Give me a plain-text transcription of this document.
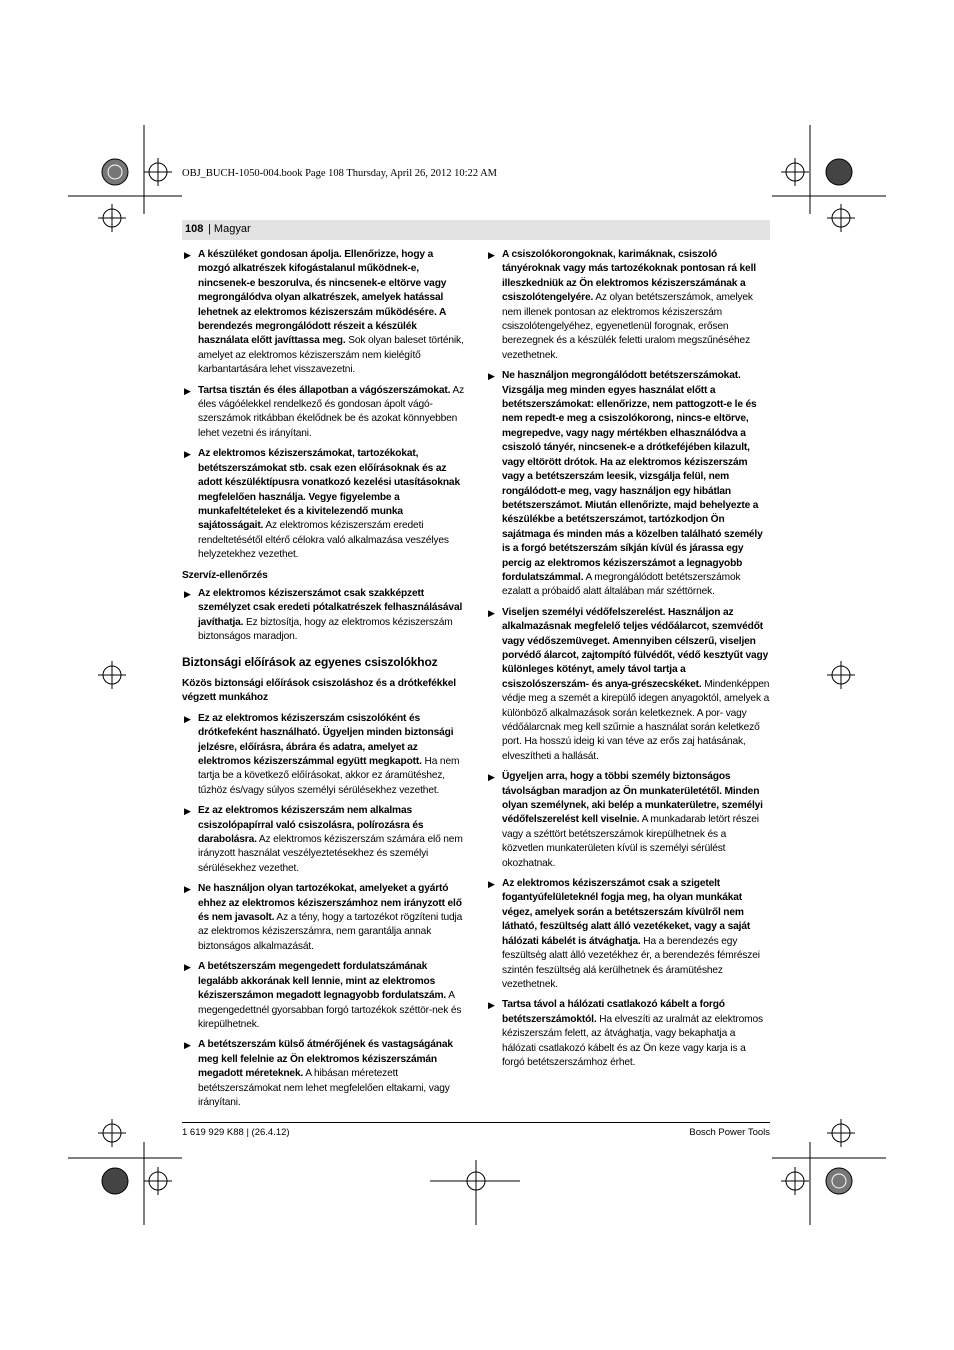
OBJ_BUCH-1050-004.book Page 108 Thursday, April 26, 2012 10:22 AM
108 | Magyar
▶ A készüléket gondosan ápolja. Ellenőrizze, hogy a mozgó alkatrészek kifogástalanul működnek-e, nincsenek-e beszorulva, és nincsenek-e eltörve vagy megrongálódva olyan alkatrészek, amelyek hatással lehetnek az elektromos kéziszerszám működésére. A berendezés megrongálódott részeit a készülék használata előtt javíttassa meg. Sok olyan baleset történik, amelyet az elektromos kéziszerszám nem kielégítő karbantartására lehet visszavezetni.
▶ Tartsa tisztán és éles állapotban a vágószerszámokat. Az éles vágóélekkel rendelkező és gondosan ápolt vágó-szerszámok ritkábban ékelődnek be és azokat könnyebben lehet vezetni és irányítani.
▶ Az elektromos kéziszerszámokat, tartozékokat, betétszerszámokat stb. csak ezen előírásoknak és az adott készüléktípusra vonatkozó kezelési utasításoknak megfelelően használja. Vegye figyelembe a munkafeltételeket és a kivitelezendő munka sajátosságait. Az elektromos kéziszerszám eredeti rendeltetésétől eltérő célokra való alkalmazása veszélyes helyzetekhez vezethet.
Szervíz-ellenőrzés
▶ Az elektromos kéziszerszámot csak szakképzett személyzet csak eredeti pótalkatrészek felhasználásával javíthatja. Ez biztosítja, hogy az elektromos kéziszerszám biztonságos maradjon.
Biztonsági előírások az egyenes csiszolókhoz
Közös biztonsági előírások csiszoláshoz és a drótkefékkel végzett munkához
▶ Ez az elektromos kéziszerszám csiszolóként és drótkefeként használható. Ügyeljen minden biztonsági jelzésre, előírásra, ábrára és adatra, amelyet az elektromos kéziszerszámmal együtt megkapott. Ha nem tartja be a következő előírásokat, akkor ez áramütéshez, tűzhöz és/vagy súlyos személyi sérülésekhez vezethet.
▶ Ez az elektromos kéziszerszám nem alkalmas csiszolópapírral való csiszolásra, polírozásra és darabolásra. Az elektromos kéziszerszám számára elő nem irányzott használat veszélyeztetésekhez és személyi sérülésekhez vezethet.
▶ Ne használjon olyan tartozékokat, amelyeket a gyártó ehhez az elektromos kéziszerszámhoz nem irányzott elő és nem javasolt. Az a tény, hogy a tartozékot rögzíteni tudja az elektromos kéziszerszámra, nem garantálja annak biztonságos alkalmazását.
▶ A betétszerszám megengedett fordulatszámának legalább akkorának kell lennie, mint az elektromos kéziszerszámon megadott legnagyobb fordulatszám. A megengedettnél gyorsabban forgó tartozékok széttör-nek és kirepülhetnek.
▶ A betétszerszám külső átmérőjének és vastagságának meg kell felelnie az Ön elektromos kéziszerszámán megadott méreteknek. A hibásan méretezett betétszerszámokat nem lehet megfelelően eltakarni, vagy irányítani.
▶ A csiszolókorongoknak, karimáknak, csiszoló tányéroknak vagy más tartozékoknak pontosan rá kell illeszkedniük az Ön elektromos kéziszerszámának a csiszolótengelyére. Az olyan betétszerszámok, amelyek nem illenek pontosan az elektromos kéziszerszám csiszolótengelyéhez, egyenetlenül forognak, erősen berezegnek és a készülék feletti uralom megszűnéséhez vezethetnek.
▶ Ne használjon megrongálódott betétszerszámokat. Vizsgálja meg minden egyes használat előtt a betétszerszámokat: ellenőrizze, nem pattogzott-e le és nem repedt-e meg a csiszolókorong, nincs-e eltörve, megrepedve, vagy nagy mértékben elhasználódva a csiszoló tányér, nincsenek-e a drótkeféjében kilazult, vagy eltörött drótok. Ha az elektromos kéziszerszám vagy a betétszerszám leesik, vizsgálja felül, nem rongálódott-e meg, vagy használjon egy hibátlan betétszerszámot. Miután ellenőrizte, majd behelyezte a készülékbe a betétszerszámot, tartózkodjon Ön sajátmaga és minden más a közelben található személy is a forgó betétszerszám síkján kívül és járassa egy percig az elektromos kéziszerszámot a legnagyobb fordulatszámmal. A megrongálódott betétszerszámok ezalatt a próbaidő alatt általában már széttörnek.
▶ Viseljen személyi védőfelszerelést. Használjon az alkalmazásnak megfelelő teljes védőálarcot, szemvédőt vagy védőszemüveget. Amennyiben célszerű, viseljen porvédő álarcot, zajtompító fülvédőt, védő kesztyűt vagy különleges kötényt, amely távol tartja a csiszolószerszám- és anya-grészecskéket. Mindenképpen védje meg a szemét a kirepülő idegen anyagoktól, amelyek a különböző alkalmazások során keletkeznek. A por- vagy védőálarcnak meg kell szűrnie a használat során keletkező port. Ha hosszú ideig ki van téve az erős zaj hatásának, elveszítheti a hallását.
▶ Ügyeljen arra, hogy a többi személy biztonságos távolságban maradjon az Ön munkaterületétől. Minden olyan személynek, aki belép a munkaterületre, személyi védőfelszerelést kell viselnie. A munkadarab letört részei vagy a széttört betétszerszámok kirepülhetnek és a közvetlen munkaterületen kívül is személyi sérülést okozhatnak.
▶ Az elektromos kéziszerszámot csak a szigetelt fogantyúfelületeknél fogja meg, ha olyan munkákat végez, amelyek során a betétszerszám kívülről nem látható, feszültség alatt álló vezetékeket, vagy a saját hálózati kábelét is átvághatja. Ha a berendezés egy feszültség alatt álló vezetékhez ér, a berendezés fémrészei szintén feszültség alá kerülhetnek és áramütéshez vezethetnek.
▶ Tartsa távol a hálózati csatlakozó kábelt a forgó betétszerszámoktól. Ha elveszíti az uralmát az elektromos kéziszerszám felett, az átvághatja, vagy bekaphatja a hálózati csatlakozó kábelt és az Ön keze vagy karja is a forgó betétszerszámhoz érhet.
1 619 929 K88 | (26.4.12)	Bosch Power Tools
